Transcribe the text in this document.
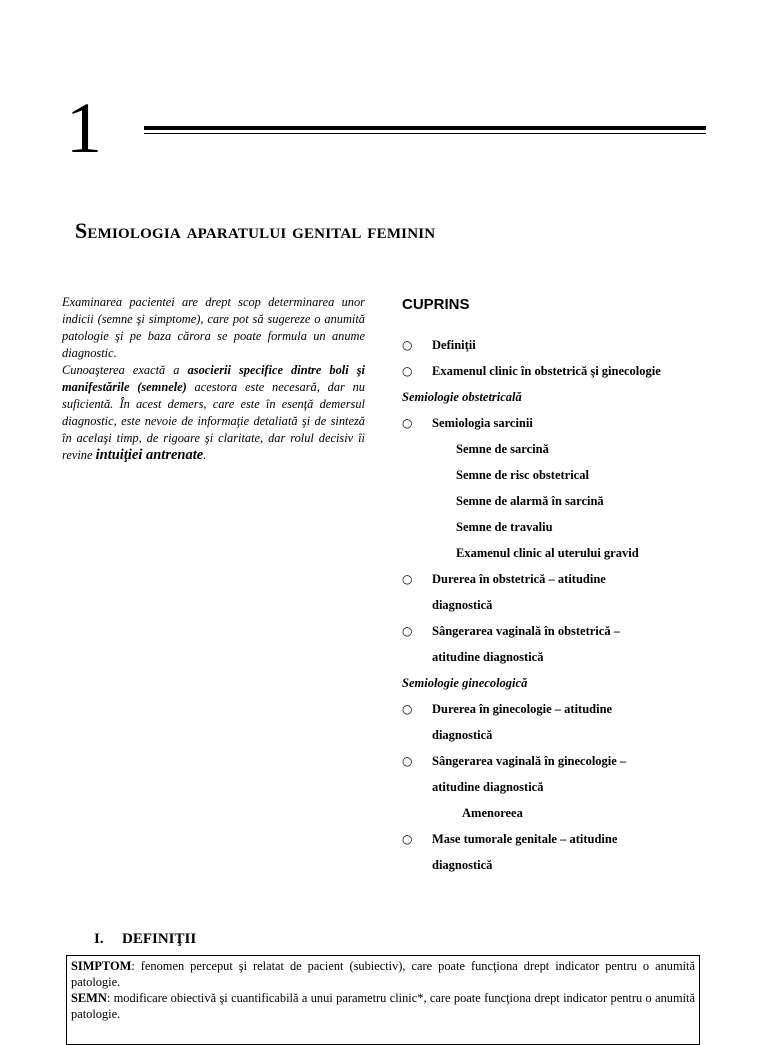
1
Semiologia aparatului genital feminin

Examinarea pacientei are drept scop determinarea unor indicii (semne şi simptome), care pot să sugereze o anumită patologie şi pe baza cărora se poate formula un anume diagnostic.

Cunoaşterea exactă a asocierii specifice dintre boli şi manifestările (semnele) acestora este necesară, dar nu suficientă. În acest demers, care este în esenţă demersul diagnostic, este nevoie de informaţie detaliată şi de sinteză în acelaşi timp, de rigoare şi claritate, dar rolul decisiv îi revine intuiţiei antrenate.

CUPRINS
○ Definiţii
○ Examenul clinic în obstetrică şi ginecologie
Semiologie obstetricală
○ Semiologia sarcinii
Semne de sarcină
Semne de risc obstetrical
Semne de alarmă în sarcină
Semne de travaliu
Examenul clinic al uterului gravid
○ Durerea în obstetrică – atitudine
diagnostică
○ Sângerarea vaginală în obstetrică –
atitudine diagnostică
Semiologie ginecologică
○ Durerea în ginecologie – atitudine
diagnostică
○ Sângerarea vaginală în ginecologie –
atitudine diagnostică
Amenoreea
○ Mase tumorale genitale – atitudine
diagnostică
I. DEFINIŢII

SIMPTOM: fenomen perceput şi relatat de pacient (subiectiv), care poate funcţiona drept indicator pentru o anumită patologie.

SEMN: modificare obiectivă şi cuantificabilă a unui parametru clinic*, care poate funcţiona drept indicator pentru o anumită patologie.
